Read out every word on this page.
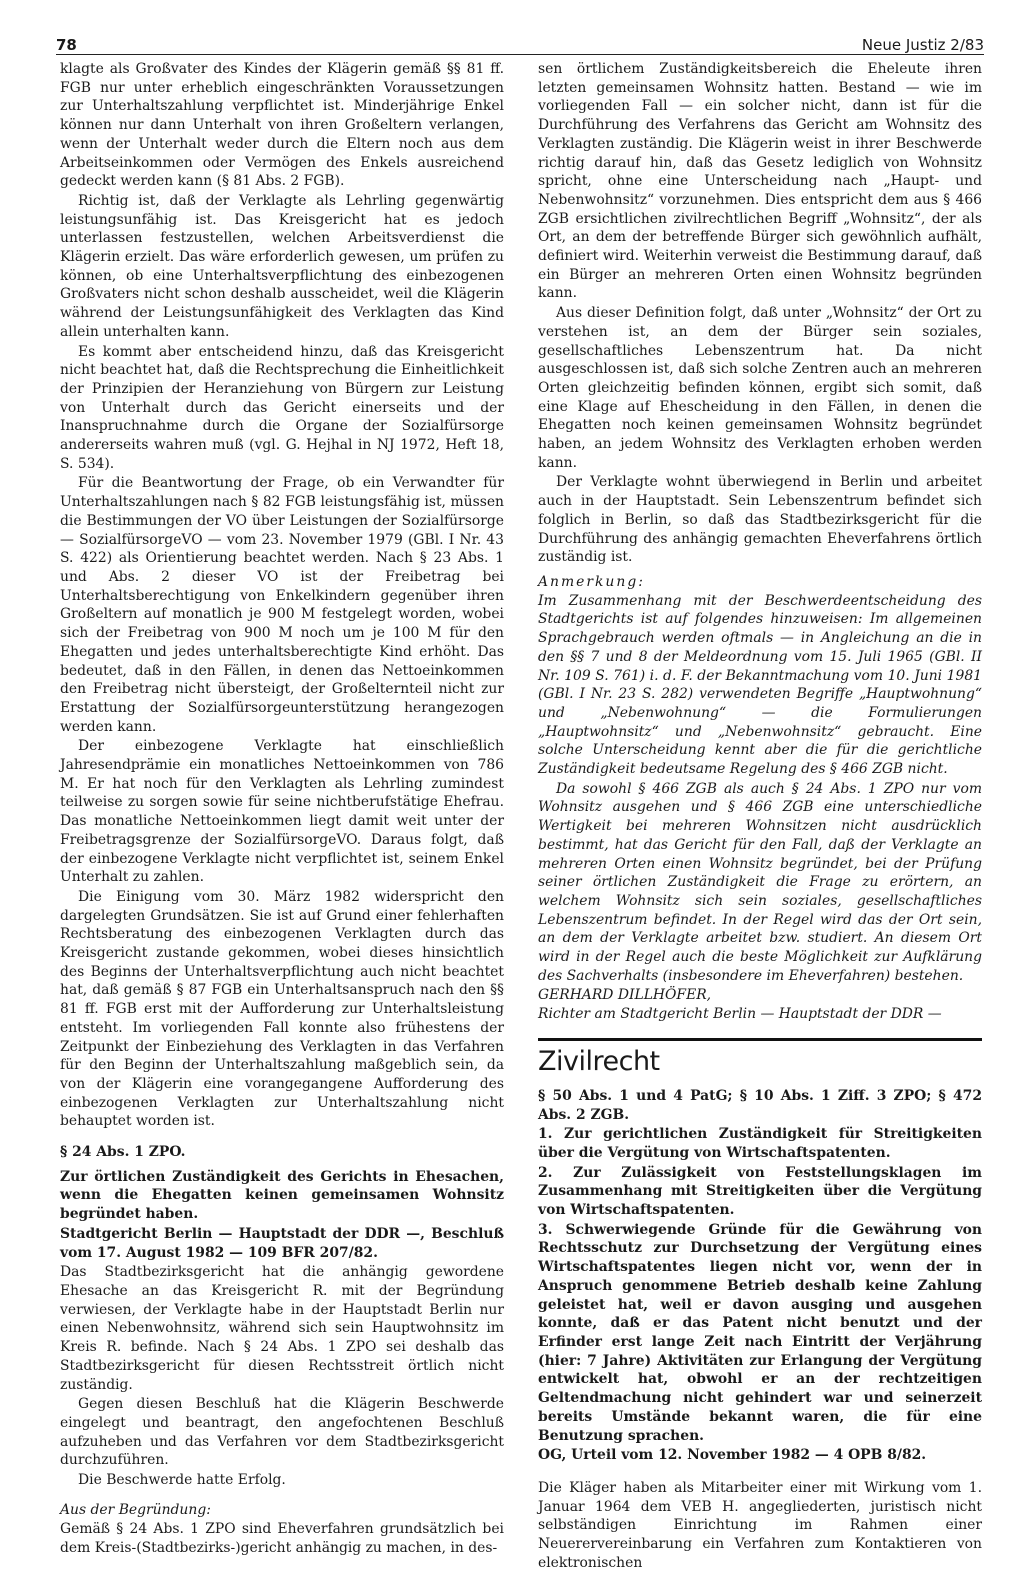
78	Neue Justiz 2/83

klagte als Großvater des Kindes der Klägerin gemäß §§ 81 ff. FGB nur unter erheblich eingeschränkten Voraussetzungen zur Unterhaltszahlung verpflichtet ist. Minderjährige Enkel können nur dann Unterhalt von ihren Großeltern verlangen, wenn der Unterhalt weder durch die Eltern noch aus dem Arbeitseinkommen oder Vermögen des Enkels ausreichend gedeckt werden kann (§ 81 Abs. 2 FGB).

Richtig ist, daß der Verklagte als Lehrling gegenwärtig leistungsunfähig ist. Das Kreisgericht hat es jedoch unterlassen festzustellen, welchen Arbeitsverdienst die Klägerin erzielt. Das wäre erforderlich gewesen, um prüfen zu können, ob eine Unterhaltsverpflichtung des einbezogenen Großvaters nicht schon deshalb ausscheidet, weil die Klägerin während der Leistungsunfähigkeit des Verklagten das Kind allein unterhalten kann.

Es kommt aber entscheidend hinzu, daß das Kreisgericht nicht beachtet hat, daß die Rechtsprechung die Einheitlichkeit der Prinzipien der Heranziehung von Bürgern zur Leistung von Unterhalt durch das Gericht einerseits und der Inanspruchnahme durch die Organe der Sozialfürsorge andererseits wahren muß (vgl. G. Hejhal in NJ 1972, Heft 18, S. 534).

Für die Beantwortung der Frage, ob ein Verwandter für Unterhaltszahlungen nach § 82 FGB leistungsfähig ist, müssen die Bestimmungen der VO über Leistungen der Sozialfürsorge — SozialfürsorgeVO — vom 23. November 1979 (GBl. I Nr. 43 S. 422) als Orientierung beachtet werden. Nach § 23 Abs. 1 und Abs. 2 dieser VO ist der Freibetrag bei Unterhaltsberechtigung von Enkelkindern gegenüber ihren Großeltern auf monatlich je 900 M festgelegt worden, wobei sich der Freibetrag von 900 M noch um je 100 M für den Ehegatten und jedes unterhaltsberechtigte Kind erhöht. Das bedeutet, daß in den Fällen, in denen das Nettoeinkommen den Freibetrag nicht übersteigt, der Großelternteil nicht zur Erstattung der Sozialfürsorgeunterstützung herangezogen werden kann.

Der einbezogene Verklagte hat einschließlich Jahresendprämie ein monatliches Nettoeinkommen von 786 M. Er hat noch für den Verklagten als Lehrling zumindest teilweise zu sorgen sowie für seine nichtberufstätige Ehefrau. Das monatliche Nettoeinkommen liegt damit weit unter der Freibetragsgrenze der SozialfürsorgeVO. Daraus folgt, daß der einbezogene Verklagte nicht verpflichtet ist, seinem Enkel Unterhalt zu zahlen.

Die Einigung vom 30. März 1982 widerspricht den dargelegten Grundsätzen. Sie ist auf Grund einer fehlerhaften Rechtsberatung des einbezogenen Verklagten durch das Kreisgericht zustande gekommen, wobei dieses hinsichtlich des Beginns der Unterhaltsverpflichtung auch nicht beachtet hat, daß gemäß § 87 FGB ein Unterhaltsanspruch nach den §§ 81 ff. FGB erst mit der Aufforderung zur Unterhaltsleistung entsteht. Im vorliegenden Fall konnte also frühestens der Zeitpunkt der Einbeziehung des Verklagten in das Verfahren für den Beginn der Unterhaltszahlung maßgeblich sein, da von der Klägerin eine vorangegangene Aufforderung des einbezogenen Verklagten zur Unterhaltszahlung nicht behauptet worden ist.

§ 24 Abs. 1 ZPO.

Zur örtlichen Zuständigkeit des Gerichts in Ehesachen, wenn die Ehegatten keinen gemeinsamen Wohnsitz begründet haben.

Stadtgericht Berlin — Hauptstadt der DDR —, Beschluß vom 17. August 1982 — 109 BFR 207/82.

Das Stadtbezirksgericht hat die anhängig gewordene Ehesache an das Kreisgericht R. mit der Begründung verwiesen, der Verklagte habe in der Hauptstadt Berlin nur einen Nebenwohnsitz, während sich sein Hauptwohnsitz im Kreis R. befinde. Nach § 24 Abs. 1 ZPO sei deshalb das Stadtbezirksgericht für diesen Rechtsstreit örtlich nicht zuständig.

Gegen diesen Beschluß hat die Klägerin Beschwerde eingelegt und beantragt, den angefochtenen Beschluß aufzuheben und das Verfahren vor dem Stadtbezirksgericht durchzuführen.

Die Beschwerde hatte Erfolg.

Aus der Begründung:

Gemäß § 24 Abs. 1 ZPO sind Eheverfahren grundsätzlich bei dem Kreis-(Stadtbezirks-)gericht anhängig zu machen, in des-

sen örtlichem Zuständigkeitsbereich die Eheleute ihren letzten gemeinsamen Wohnsitz hatten. Bestand — wie im vorliegenden Fall — ein solcher nicht, dann ist für die Durchführung des Verfahrens das Gericht am Wohnsitz des Verklagten zuständig. Die Klägerin weist in ihrer Beschwerde richtig darauf hin, daß das Gesetz lediglich von Wohnsitz spricht, ohne eine Unterscheidung nach „Haupt- und Nebenwohnsitz“ vorzunehmen. Dies entspricht dem aus § 466 ZGB ersichtlichen zivilrechtlichen Begriff „Wohnsitz“, der als Ort, an dem der betreffende Bürger sich gewöhnlich aufhält, definiert wird. Weiterhin verweist die Bestimmung darauf, daß ein Bürger an mehreren Orten einen Wohnsitz begründen kann.

Aus dieser Definition folgt, daß unter „Wohnsitz“ der Ort zu verstehen ist, an dem der Bürger sein soziales, gesellschaftliches Lebenszentrum hat. Da nicht ausgeschlossen ist, daß sich solche Zentren auch an mehreren Orten gleichzeitig befinden können, ergibt sich somit, daß eine Klage auf Ehescheidung in den Fällen, in denen die Ehegatten noch keinen gemeinsamen Wohnsitz begründet haben, an jedem Wohnsitz des Verklagten erhoben werden kann.

Der Verklagte wohnt überwiegend in Berlin und arbeitet auch in der Hauptstadt. Sein Lebenszentrum befindet sich folglich in Berlin, so daß das Stadtbezirksgericht für die Durchführung des anhängig gemachten Eheverfahrens örtlich zuständig ist.

Anmerkung:

Im Zusammenhang mit der Beschwerdeentscheidung des Stadtgerichts ist auf folgendes hinzuweisen: Im allgemeinen Sprachgebrauch werden oftmals — in Angleichung an die in den §§ 7 und 8 der Meldeordnung vom 15. Juli 1965 (GBl. II Nr. 109 S. 761) i. d. F. der Bekanntmachung vom 10. Juni 1981 (GBl. I Nr. 23 S. 282) verwendeten Begriffe „Hauptwohnung“ und „Nebenwohnung“ — die Formulierungen „Hauptwohnsitz“ und „Nebenwohnsitz“ gebraucht. Eine solche Unterscheidung kennt aber die für die gerichtliche Zuständigkeit bedeutsame Regelung des § 466 ZGB nicht.

Da sowohl § 466 ZGB als auch § 24 Abs. 1 ZPO nur vom Wohnsitz ausgehen und § 466 ZGB eine unterschiedliche Wertigkeit bei mehreren Wohnsitzen nicht ausdrücklich bestimmt, hat das Gericht für den Fall, daß der Verklagte an mehreren Orten einen Wohnsitz begründet, bei der Prüfung seiner örtlichen Zuständigkeit die Frage zu erörtern, an welchem Wohnsitz sich sein soziales, gesellschaftliches Lebenszentrum befindet. In der Regel wird das der Ort sein, an dem der Verklagte arbeitet bzw. studiert. An diesem Ort wird in der Regel auch die beste Möglichkeit zur Aufklärung des Sachverhalts (insbesondere im Eheverfahren) bestehen.

GERHARD DILLHÖFER,
Richter am Stadtgericht Berlin — Hauptstadt der DDR —
Zivilrecht

§ 50 Abs. 1 und 4 PatG; § 10 Abs. 1 Ziff. 3 ZPO; § 472 Abs. 2 ZGB.

1. Zur gerichtlichen Zuständigkeit für Streitigkeiten über die Vergütung von Wirtschaftspatenten.

2. Zur Zulässigkeit von Feststellungsklagen im Zusammenhang mit Streitigkeiten über die Vergütung von Wirtschaftspatenten.

3. Schwerwiegende Gründe für die Gewährung von Rechtsschutz zur Durchsetzung der Vergütung eines Wirtschaftspatentes liegen nicht vor, wenn der in Anspruch genommene Betrieb deshalb keine Zahlung geleistet hat, weil er davon ausging und ausgehen konnte, daß er das Patent nicht benutzt und der Erfinder erst lange Zeit nach Eintritt der Verjährung (hier: 7 Jahre) Aktivitäten zur Erlangung der Vergütung entwickelt hat, obwohl er an der rechtzeitigen Geltendmachung nicht gehindert war und seinerzeit bereits Umstände bekannt waren, die für eine Benutzung sprachen.

OG, Urteil vom 12. November 1982 — 4 OPB 8/82.

Die Kläger haben als Mitarbeiter einer mit Wirkung vom 1. Januar 1964 dem VEB H. angegliederten, juristisch nicht selbständigen Einrichtung im Rahmen einer Neuerervereinbarung ein Verfahren zum Kontaktieren von elektronischen
